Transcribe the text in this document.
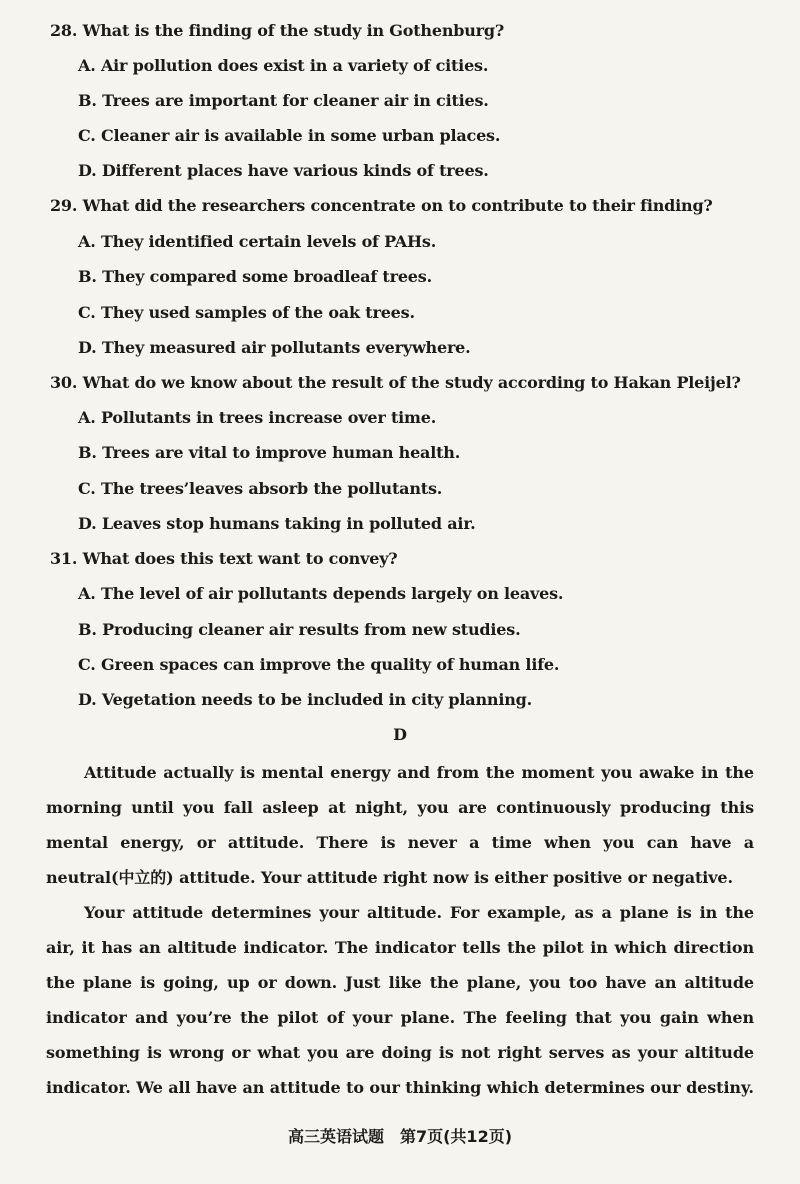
28. What is the finding of the study in Gothenburg?
A. Air pollution does exist in a variety of cities.
B. Trees are important for cleaner air in cities.
C. Cleaner air is available in some urban places.
D. Different places have various kinds of trees.
29. What did the researchers concentrate on to contribute to their finding?
A. They identified certain levels of PAHs.
B. They compared some broadleaf trees.
C. They used samples of the oak trees.
D. They measured air pollutants everywhere.
30. What do we know about the result of the study according to Hakan Pleijel?
A. Pollutants in trees increase over time.
B. Trees are vital to improve human health.
C. The trees’leaves absorb the pollutants.
D. Leaves stop humans taking in polluted air.
31. What does this text want to convey?
A. The level of air pollutants depends largely on leaves.
B. Producing cleaner air results from new studies.
C. Green spaces can improve the quality of human life.
D. Vegetation needs to be included in city planning.
D

Attitude actually is mental energy and from the moment you awake in the morning until you fall asleep at night, you are continuously producing this mental energy, or attitude. There is never a time when you can have a neutral(中立的) attitude. Your attitude right now is either positive or negative.

Your attitude determines your altitude. For example, as a plane is in the air, it has an altitude indicator. The indicator tells the pilot in which direction the plane is going, up or down. Just like the plane, you too have an altitude indicator and you’re the pilot of your plane. The feeling that you gain when something is wrong or what you are doing is not right serves as your altitude indicator. We all have an attitude to our thinking which determines our destiny.

高三英语试题　第7页(共12页)
